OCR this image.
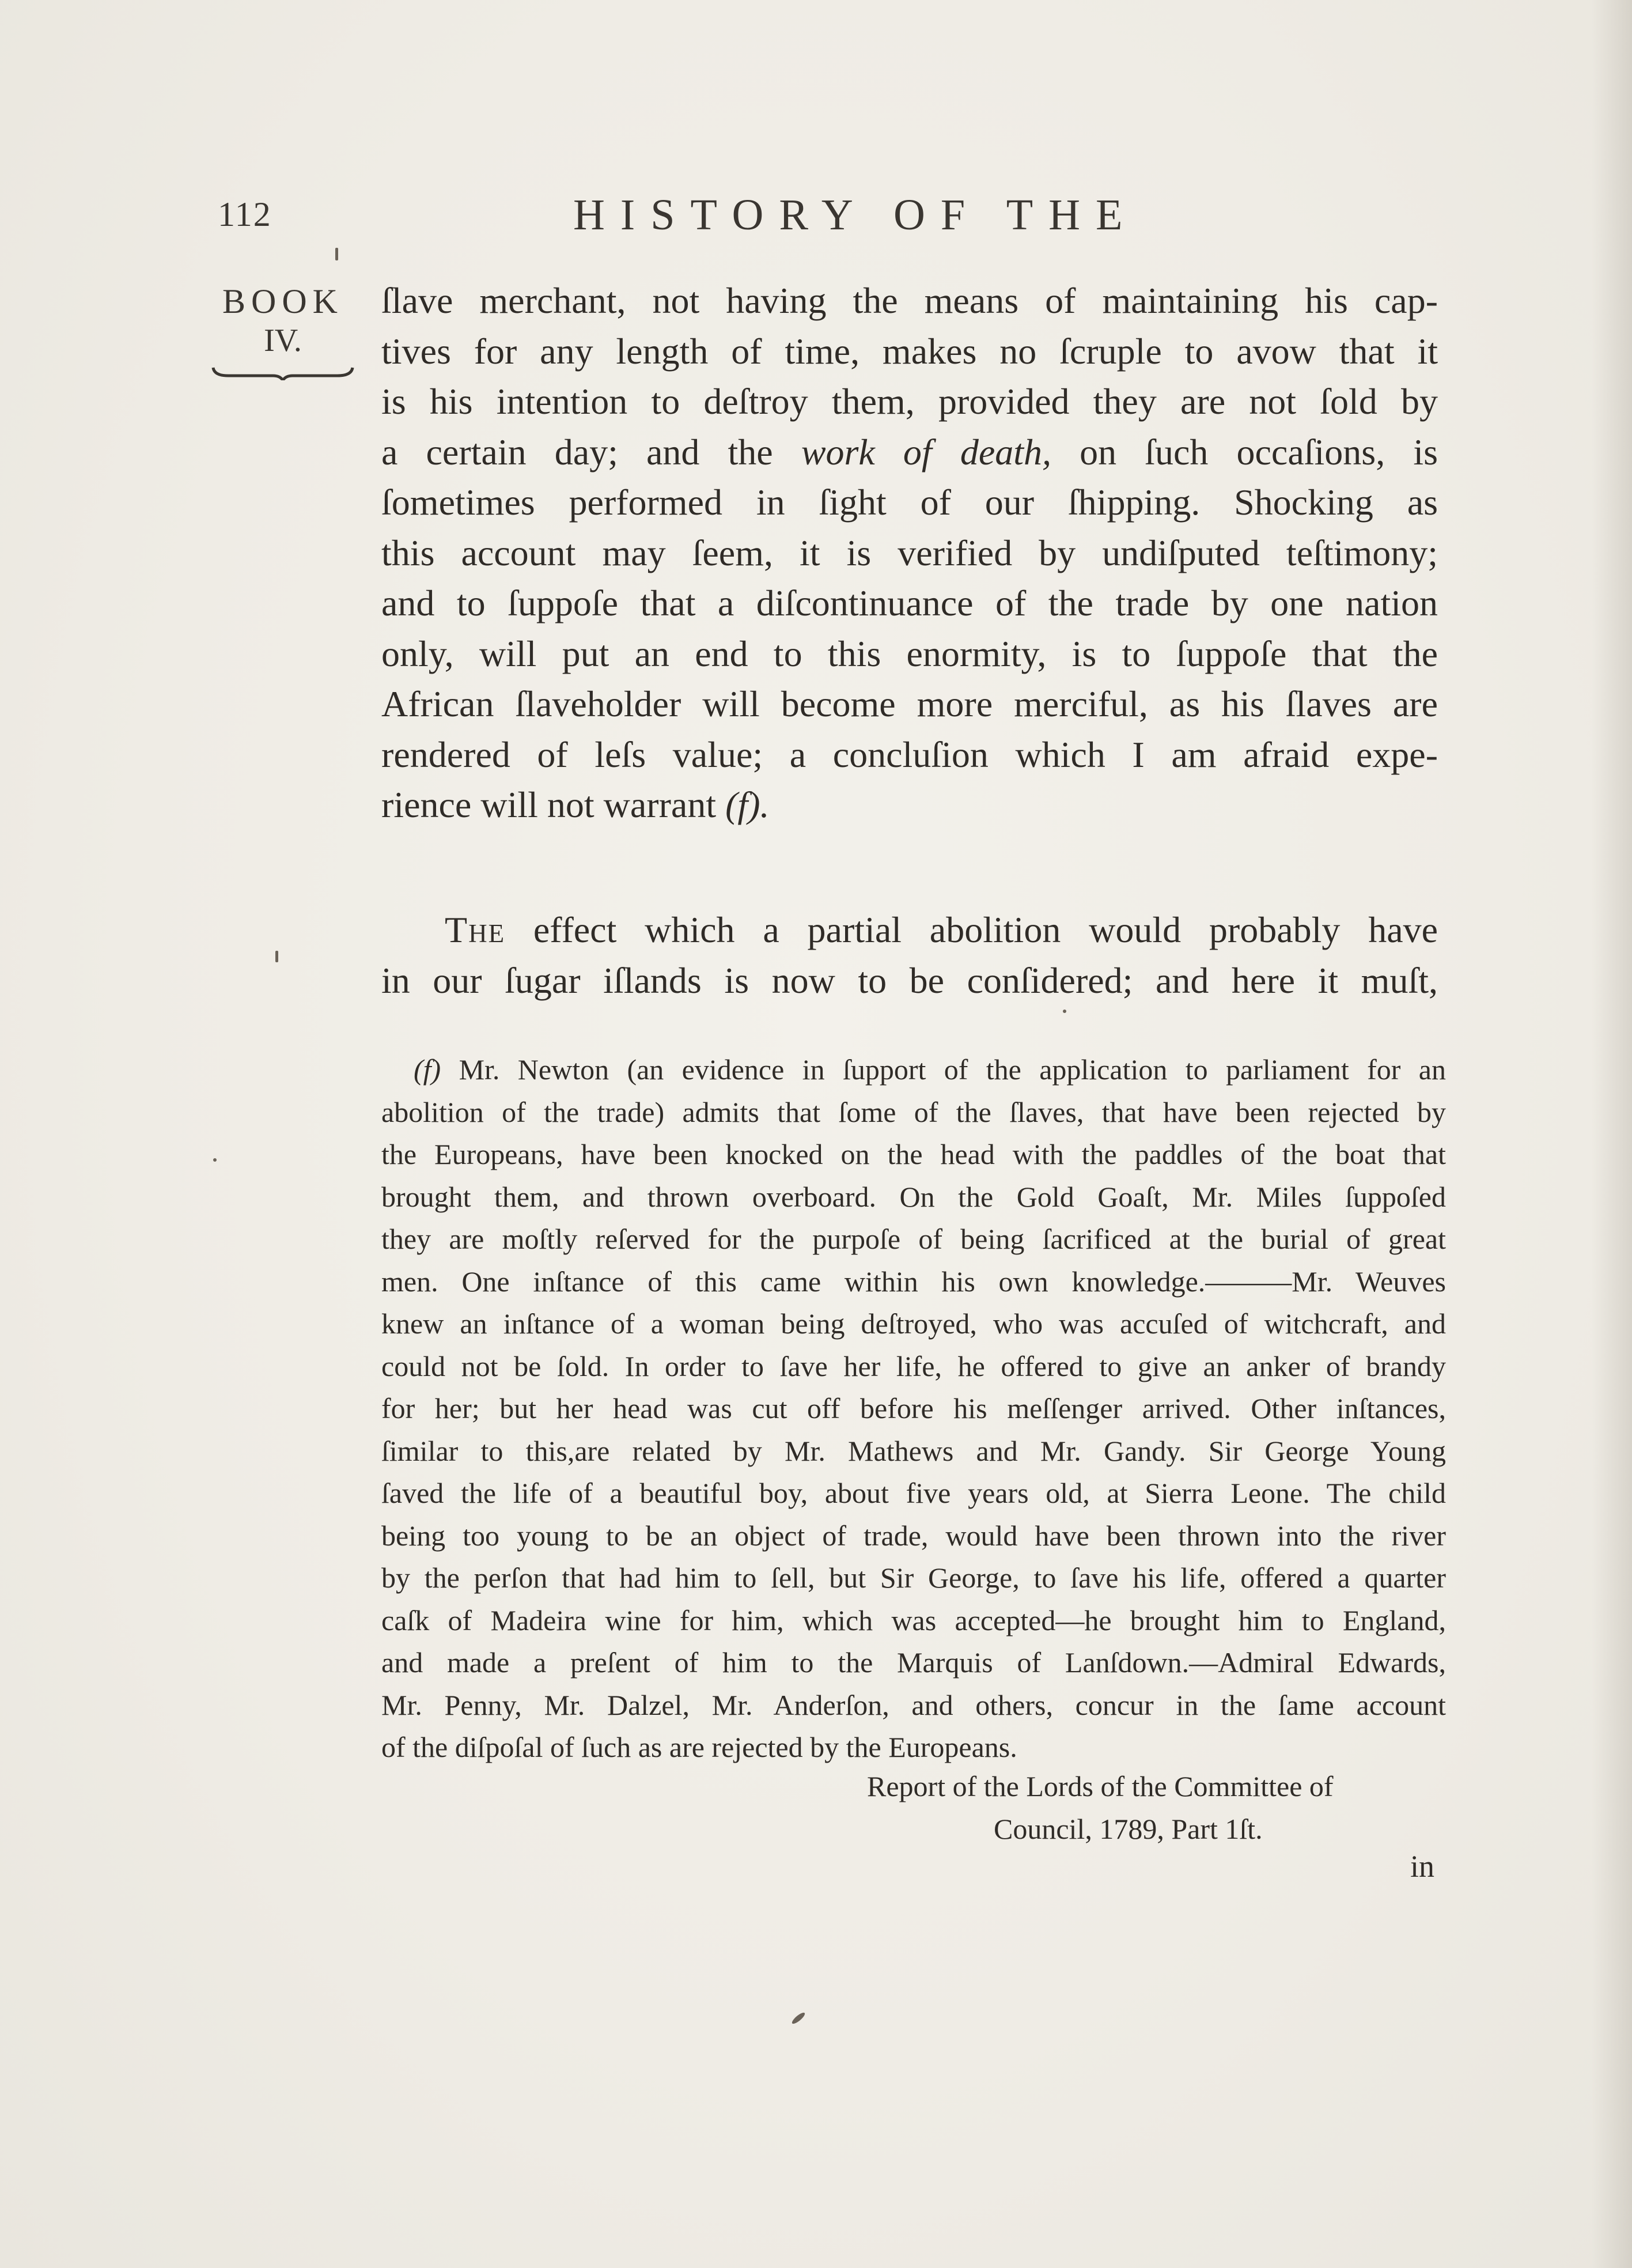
112	HISTORY OF THE
BOOK
IV.
ſlave merchant, not having the means of maintaining his cap-
tives for any length of time, makes no ſcruple to avow that it
is his intention to deſtroy them, provided they are not ſold by
a certain day; and the work of death, on ſuch occaſions, is
ſometimes performed in ſight of our ſhipping. Shocking as
this account may ſeem, it is verified by undiſputed teſtimony;
and to ſuppoſe that a diſcontinuance of the trade by one nation
only, will put an end to this enormity, is to ſuppoſe that the
African ſlaveholder will become more merciful, as his ſlaves are
rendered of leſs value; a concluſion which I am afraid expe-
rience will not warrant (f).
The effect which a partial abolition would probably have
in our ſugar iſlands is now to be conſidered; and here it muſt,
(f) Mr. Newton (an evidence in ſupport of the application to parliament for an
abolition of the trade) admits that ſome of the ſlaves, that have been rejected by
the Europeans, have been knocked on the head with the paddles of the boat that
brought them, and thrown overboard. On the Gold Goaſt, Mr. Miles ſuppoſed
they are moſtly reſerved for the purpoſe of being ſacrificed at the burial of great
men. One inſtance of this came within his own knowledge.———Mr. Weuves
knew an inſtance of a woman being deſtroyed, who was accuſed of witchcraft, and
could not be ſold. In order to ſave her life, he offered to give an anker of brandy
for her; but her head was cut off before his meſſenger arrived. Other inſtances,
ſimilar to this,are related by Mr. Mathews and Mr. Gandy. Sir George Young
ſaved the life of a beautiful boy, about five years old, at Sierra Leone. The child
being too young to be an object of trade, would have been thrown into the river
by the perſon that had him to ſell, but Sir George, to ſave his life, offered a quarter
caſk of Madeira wine for him, which was accepted—he brought him to England,
and made a preſent of him to the Marquis of Lanſdown.—Admiral Edwards,
Mr. Penny, Mr. Dalzel, Mr. Anderſon, and others, concur in the ſame account
of the diſpoſal of ſuch as are rejected by the Europeans.
Report of the Lords of the Committee of
Council, 1789, Part 1ſt.
in
